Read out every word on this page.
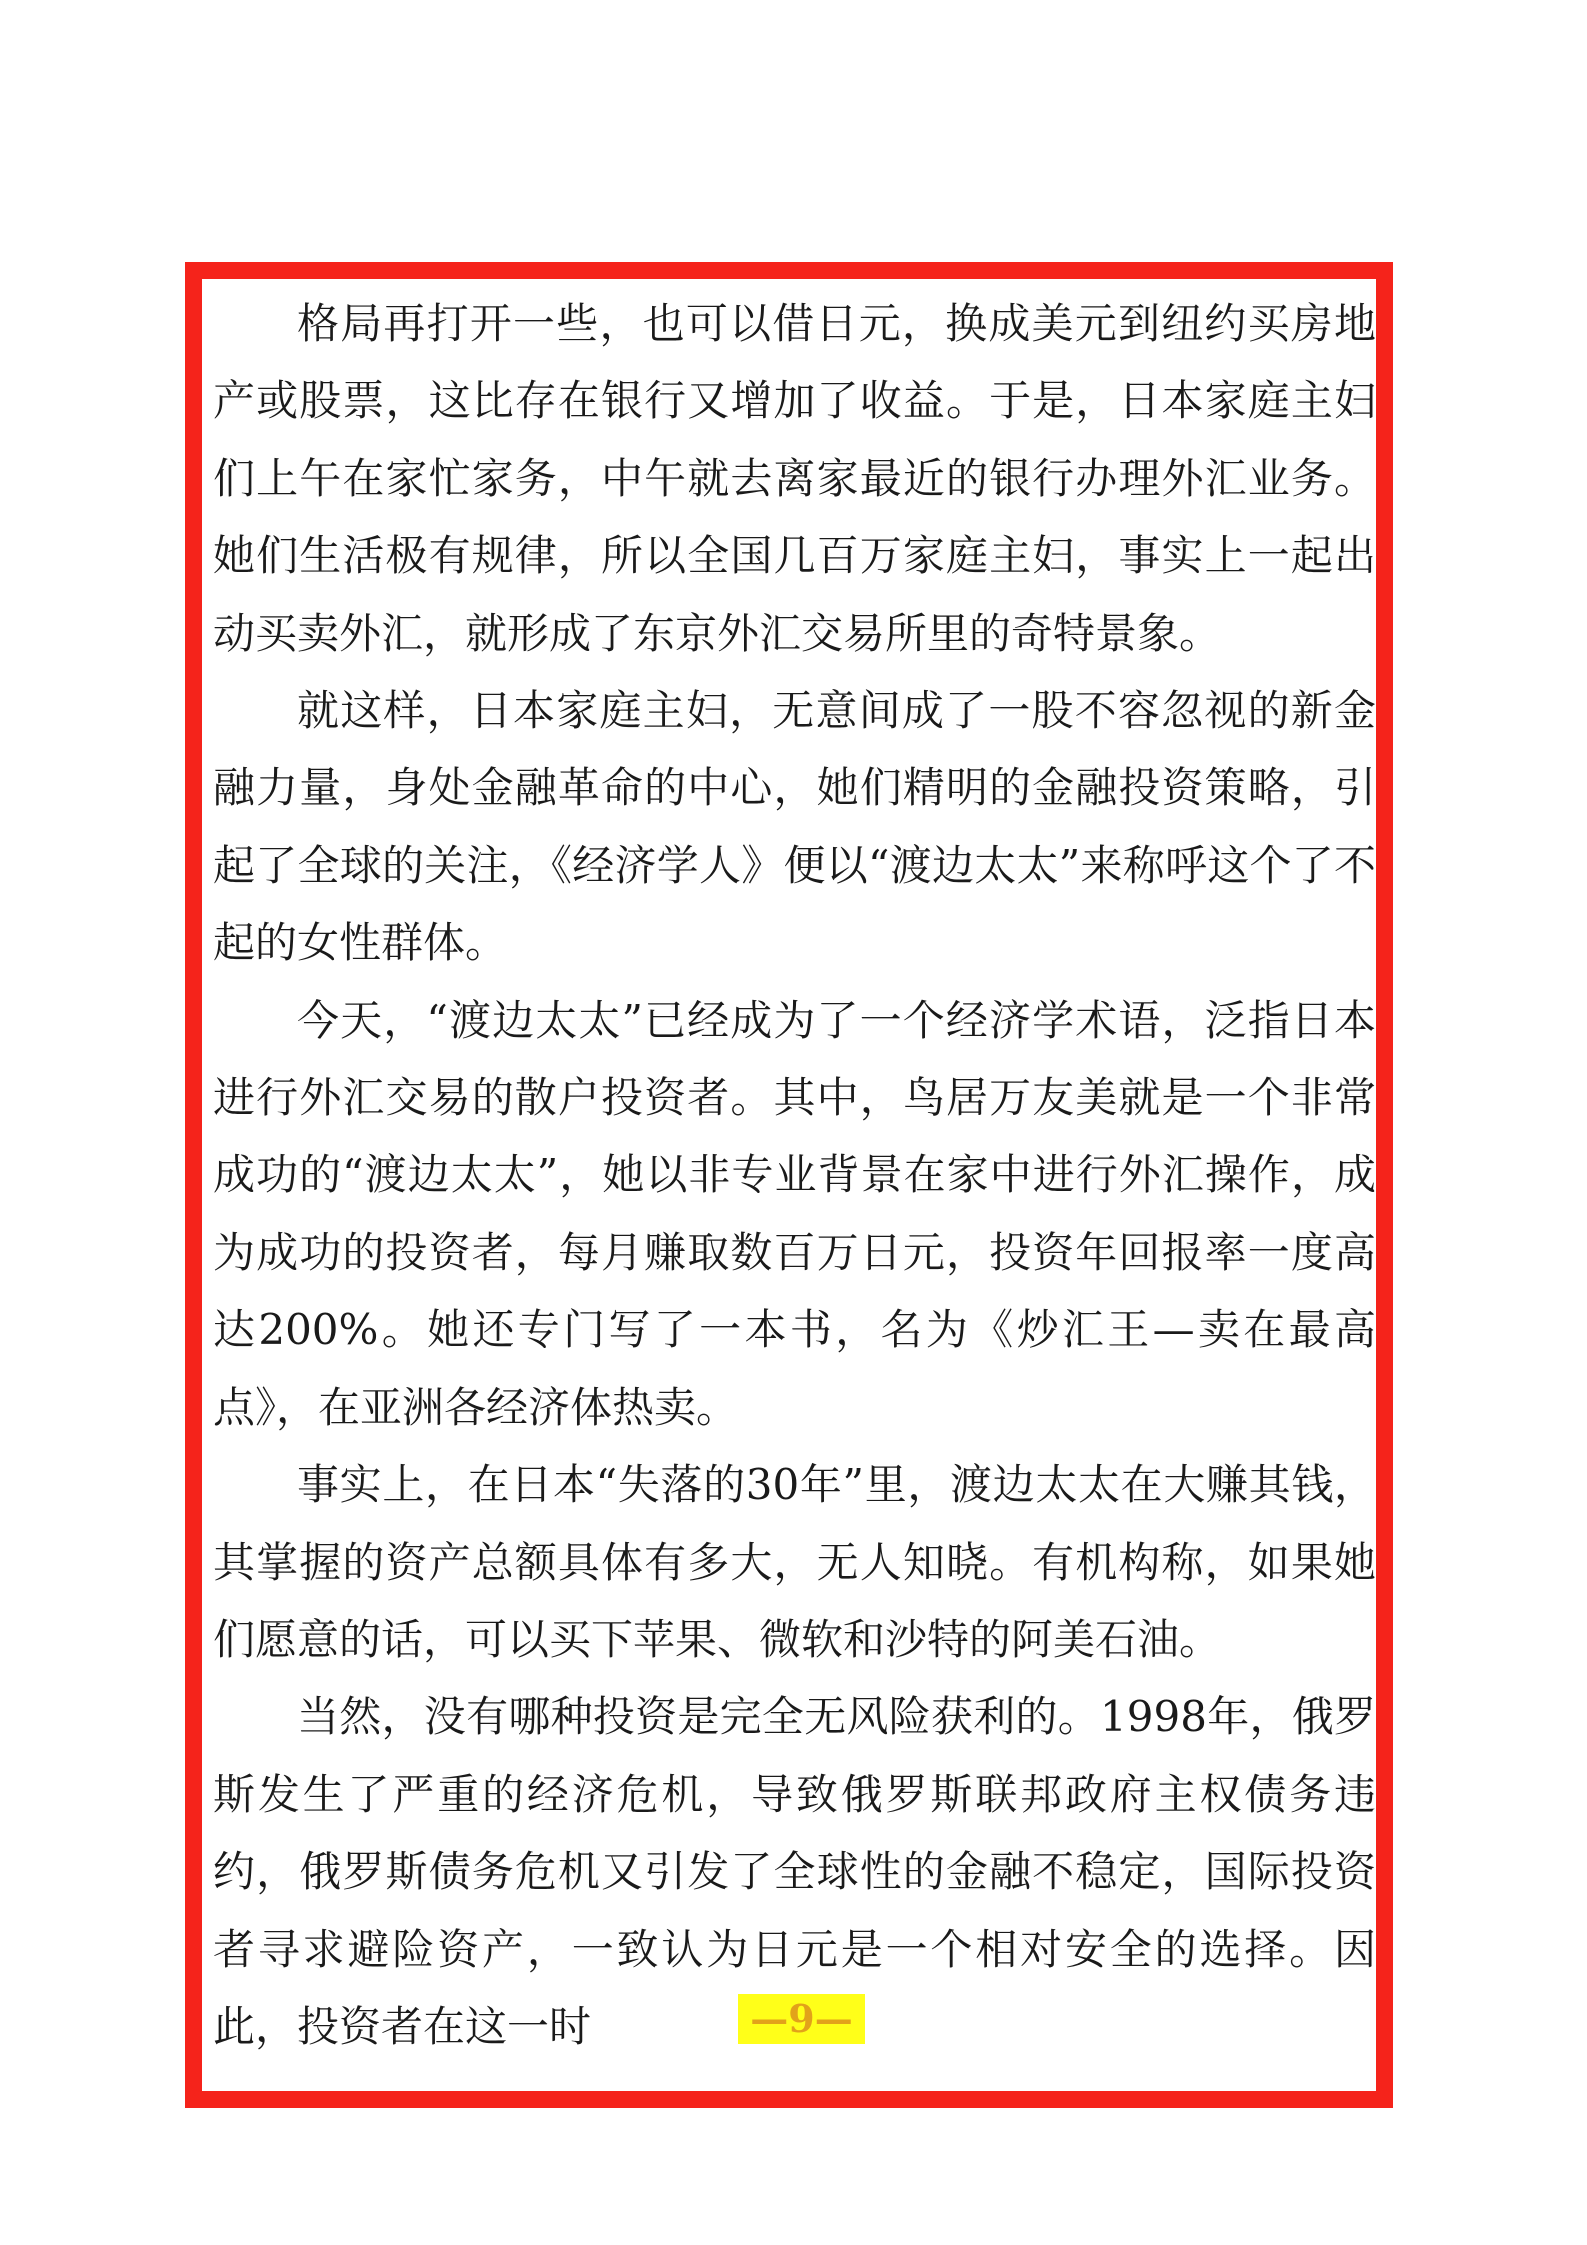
格局再打开一些，也可以借日元，换成美元到纽约买房地产或股票，这比存在银行又增加了收益。于是，日本家庭主妇们上午在家忙家务，中午就去离家最近的银行办理外汇业务。她们生活极有规律，所以全国几百万家庭主妇，事实上一起出动买卖外汇，就形成了东京外汇交易所里的奇特景象。

就这样，日本家庭主妇，无意间成了一股不容忽视的新金融力量，身处金融革命的中心，她们精明的金融投资策略，引起了全球的关注，《经济学人》便以“渡边太太”来称呼这个了不起的女性群体。

今天，“渡边太太”已经成为了一个经济学术语，泛指日本进行外汇交易的散户投资者。其中，鸟居万友美就是一个非常成功的“渡边太太”，她以非专业背景在家中进行外汇操作，成为成功的投资者，每月赚取数百万日元，投资年回报率一度高达200%。她还专门写了一本书，名为《炒汇王—卖在最高点》，在亚洲各经济体热卖。

事实上，在日本“失落的30年”里，渡边太太在大赚其钱，其掌握的资产总额具体有多大，无人知晓。有机构称，如果她们愿意的话，可以买下苹果、微软和沙特的阿美石油。

当然，没有哪种投资是完全无风险获利的。1998年，俄罗斯发生了严重的经济危机，导致俄罗斯联邦政府主权债务违约，俄罗斯债务危机又引发了全球性的金融不稳定，国际投资者寻求避险资产，一致认为日元是一个相对安全的选择。因此，投资者在这一时	—9—
